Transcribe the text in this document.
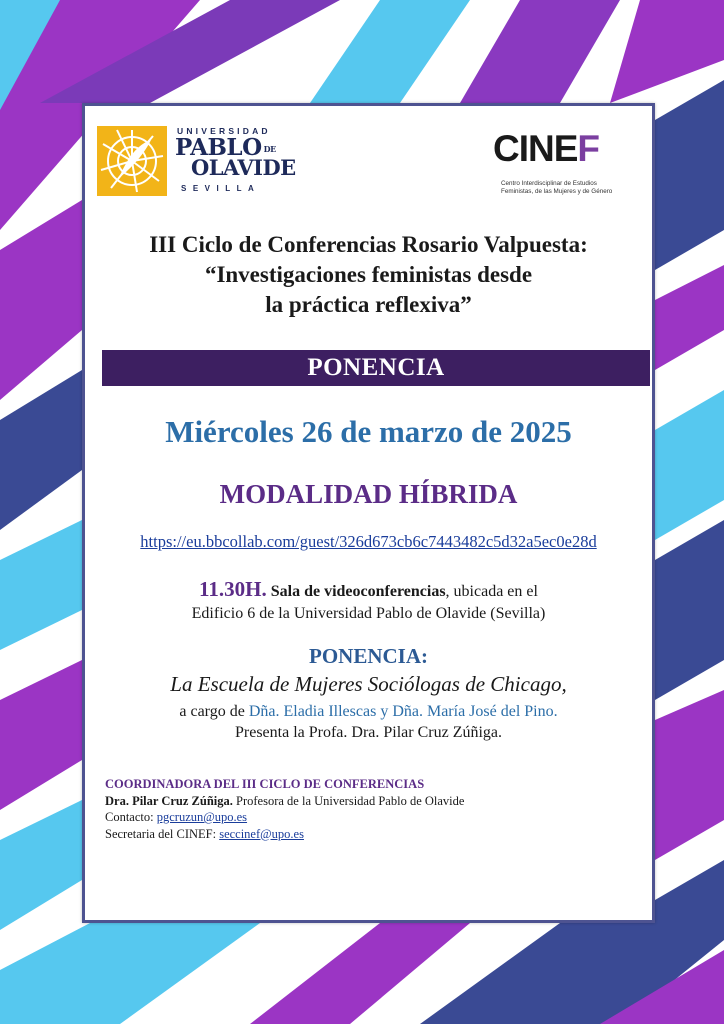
UNIVERSIDAD
PABLO DE
OLAVIDE
SEVILLA
CINEF
Centro Interdisciplinar de Estudios
Feministas, de las Mujeres y de Género
III Ciclo de Conferencias Rosario Valpuesta:
“Investigaciones feministas desde
la práctica reflexiva”
PONENCIA
Miércoles 26 de marzo de 2025
MODALIDAD HÍBRIDA
https://eu.bbcollab.com/guest/326d673cb6c7443482c5d32a5ec0e28d
11.30H. Sala de videoconferencias, ubicada en el
Edificio 6 de la Universidad Pablo de Olavide (Sevilla)
PONENCIA:
La Escuela de Mujeres Sociólogas de Chicago,
a cargo de Dña. Eladia Illescas y Dña. María José del Pino.
Presenta la Profa. Dra. Pilar Cruz Zúñiga.
COORDINADORA DEL III CICLO DE CONFERENCIAS
Dra. Pilar Cruz Zúñiga. Profesora de la Universidad Pablo de Olavide
Contacto: pgcruzun@upo.es
Secretaria del CINEF: seccinef@upo.es
